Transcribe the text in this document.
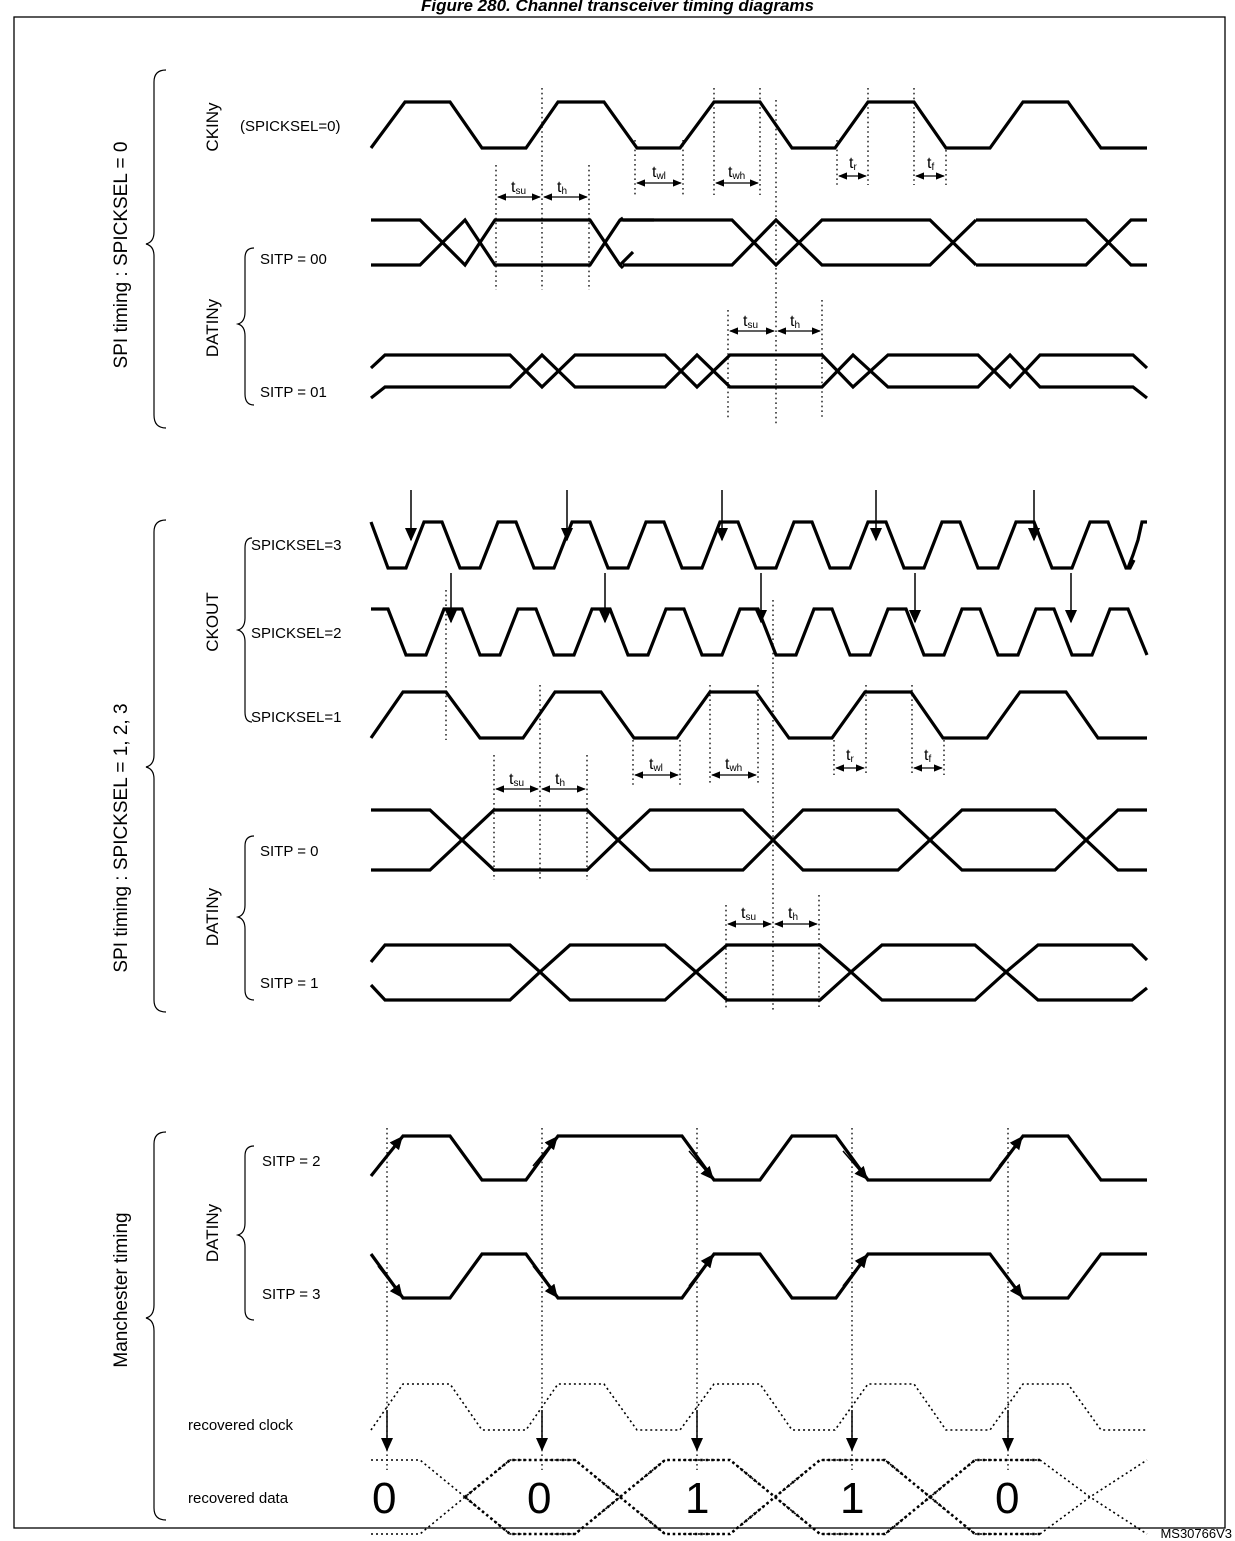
Figure 280. Channel transceiver timing diagrams
SPI timing : SPICKSEL = 0
SPI timing : SPICKSEL = 1, 2, 3
Manchester timing
CKINy
DATINy
CKOUT
DATINy
DATINy
(SPICKSEL=0)
SITP = 00
SITP = 01
SPICKSEL=3
SPICKSEL=2
SPICKSEL=1
SITP = 0
SITP = 1
SITP = 2
SITP = 3
recovered clock
recovered data
tsu th
twl	twh
tr	tf
tsu th
tsu th
twl	twh
tr	tf
tsu th
0	0	1	1	0
MS30766V3
